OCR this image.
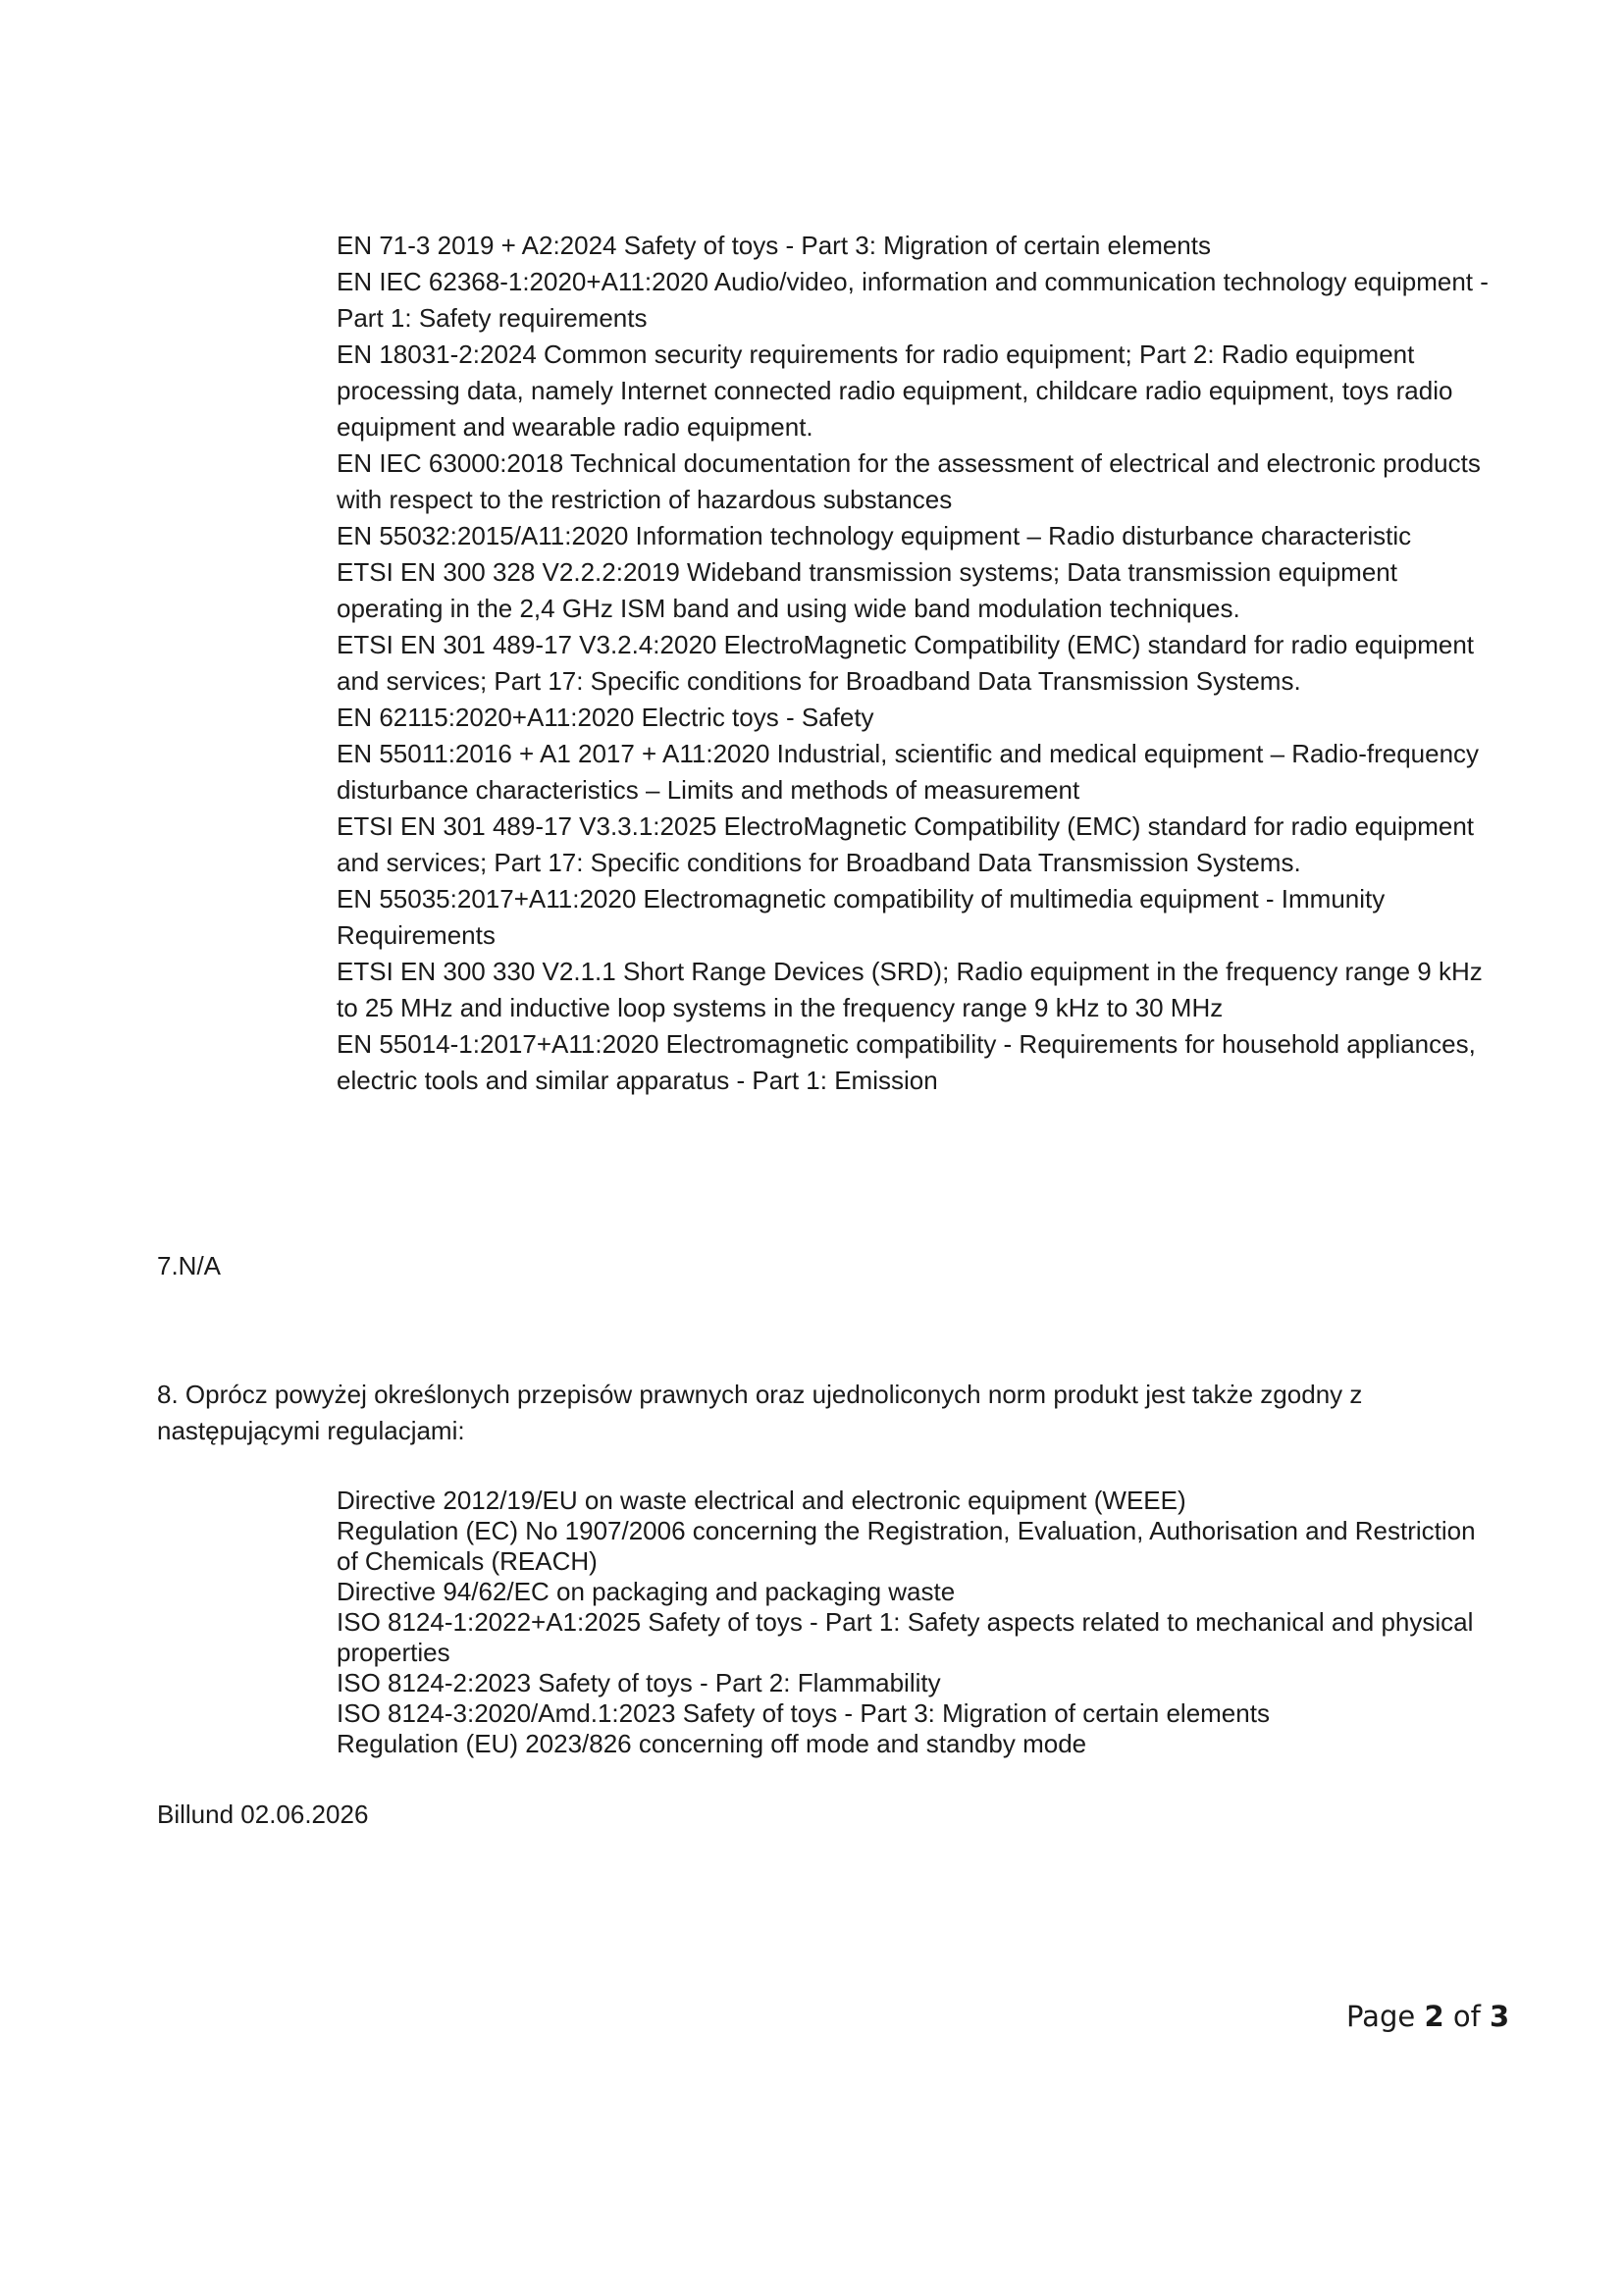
EN 71-3 2019 + A2:2024 Safety of toys - Part 3: Migration of certain elements

EN IEC 62368-1:2020+A11:2020 Audio/video, information and communication technology equipment - Part 1: Safety requirements

EN 18031-2:2024 Common security requirements for radio equipment; Part 2: Radio equipment processing data, namely Internet connected radio equipment, childcare radio equipment, toys radio equipment and wearable radio equipment.

EN IEC 63000:2018 Technical documentation for the assessment of electrical and electronic products with respect to the restriction of hazardous substances

EN 55032:2015/A11:2020 Information technology equipment – Radio disturbance characteristic

ETSI EN 300 328 V2.2.2:2019 Wideband transmission systems; Data transmission equipment operating in the 2,4 GHz ISM band and using wide band modulation techniques.

ETSI EN 301 489-17 V3.2.4:2020 ElectroMagnetic Compatibility (EMC) standard for radio equipment and services; Part 17: Specific conditions for Broadband Data Transmission Systems.

EN 62115:2020+A11:2020 Electric toys - Safety

EN 55011:2016 + A1 2017 + A11:2020 Industrial, scientific and medical equipment – Radio-frequency disturbance characteristics – Limits and methods of measurement

ETSI EN 301 489-17 V3.3.1:2025 ElectroMagnetic Compatibility (EMC) standard for radio equipment and services; Part 17: Specific conditions for Broadband Data Transmission Systems.

EN 55035:2017+A11:2020 Electromagnetic compatibility of multimedia equipment - Immunity Requirements

ETSI EN 300 330 V2.1.1 Short Range Devices (SRD); Radio equipment in the frequency range 9 kHz to 25 MHz and inductive loop systems in the frequency range 9 kHz to 30 MHz

EN 55014-1:2017+A11:2020 Electromagnetic compatibility - Requirements for household appliances, electric tools and similar apparatus - Part 1: Emission

7.N/A

8. Oprócz powyżej określonych przepisów prawnych oraz ujednoliconych norm produkt jest także zgodny z następującymi regulacjami:

Directive 2012/19/EU on waste electrical and electronic equipment (WEEE)

Regulation (EC) No 1907/2006 concerning the Registration, Evaluation, Authorisation and Restriction of Chemicals (REACH)

Directive 94/62/EC on packaging and packaging waste

ISO 8124-1:2022+A1:2025 Safety of toys - Part 1: Safety aspects related to mechanical and physical properties

ISO 8124-2:2023 Safety of toys - Part 2: Flammability

ISO 8124-3:2020/Amd.1:2023 Safety of toys - Part 3: Migration of certain elements

Regulation (EU) 2023/826 concerning off mode and standby mode

Billund 02.06.2026

Page 2 of 3
